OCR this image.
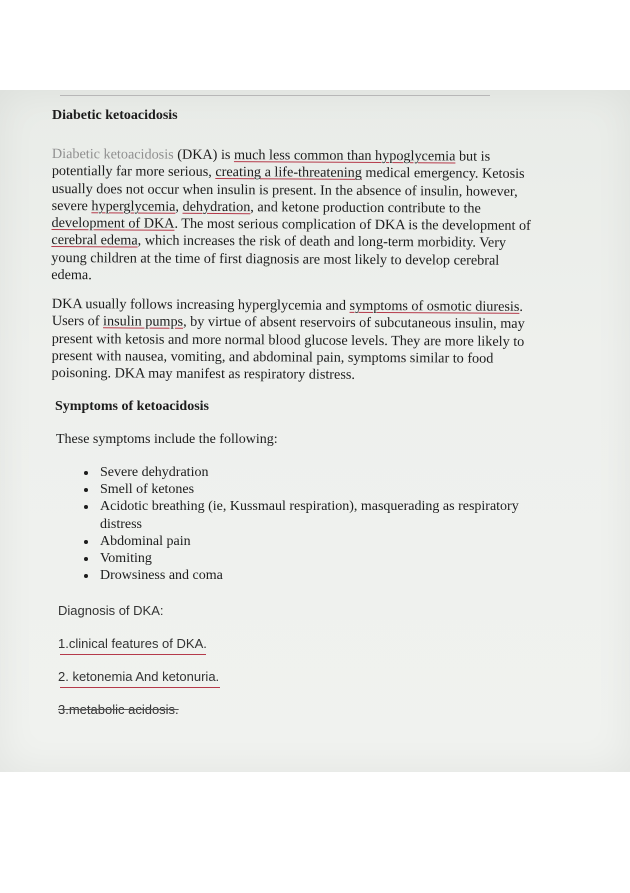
Diabetic ketoacidosis
Diabetic ketoacidosis (DKA) is much less common than hypoglycemia but is
potentially far more serious, creating a life-threatening medical emergency. Ketosis
usually does not occur when insulin is present. In the absence of insulin, however,
severe hyperglycemia, dehydration, and ketone production contribute to the
development of DKA. The most serious complication of DKA is the development of
cerebral edema, which increases the risk of death and long-term morbidity. Very
young children at the time of first diagnosis are most likely to develop cerebral
edema.
DKA usually follows increasing hyperglycemia and symptoms of osmotic diuresis.
Users of insulin pumps, by virtue of absent reservoirs of subcutaneous insulin, may
present with ketosis and more normal blood glucose levels. They are more likely to
present with nausea, vomiting, and abdominal pain, symptoms similar to food
poisoning. DKA may manifest as respiratory distress.
Symptoms of ketoacidosis
These symptoms include the following:
• Severe dehydration
• Smell of ketones
• Acidotic breathing (ie, Kussmaul respiration), masquerading as respiratory distress
• Abdominal pain
• Vomiting
• Drowsiness and coma
Diagnosis of DKA:
1.clinical features of DKA.
2. ketonemia And ketonuria.
3.metabolic acidosis.
